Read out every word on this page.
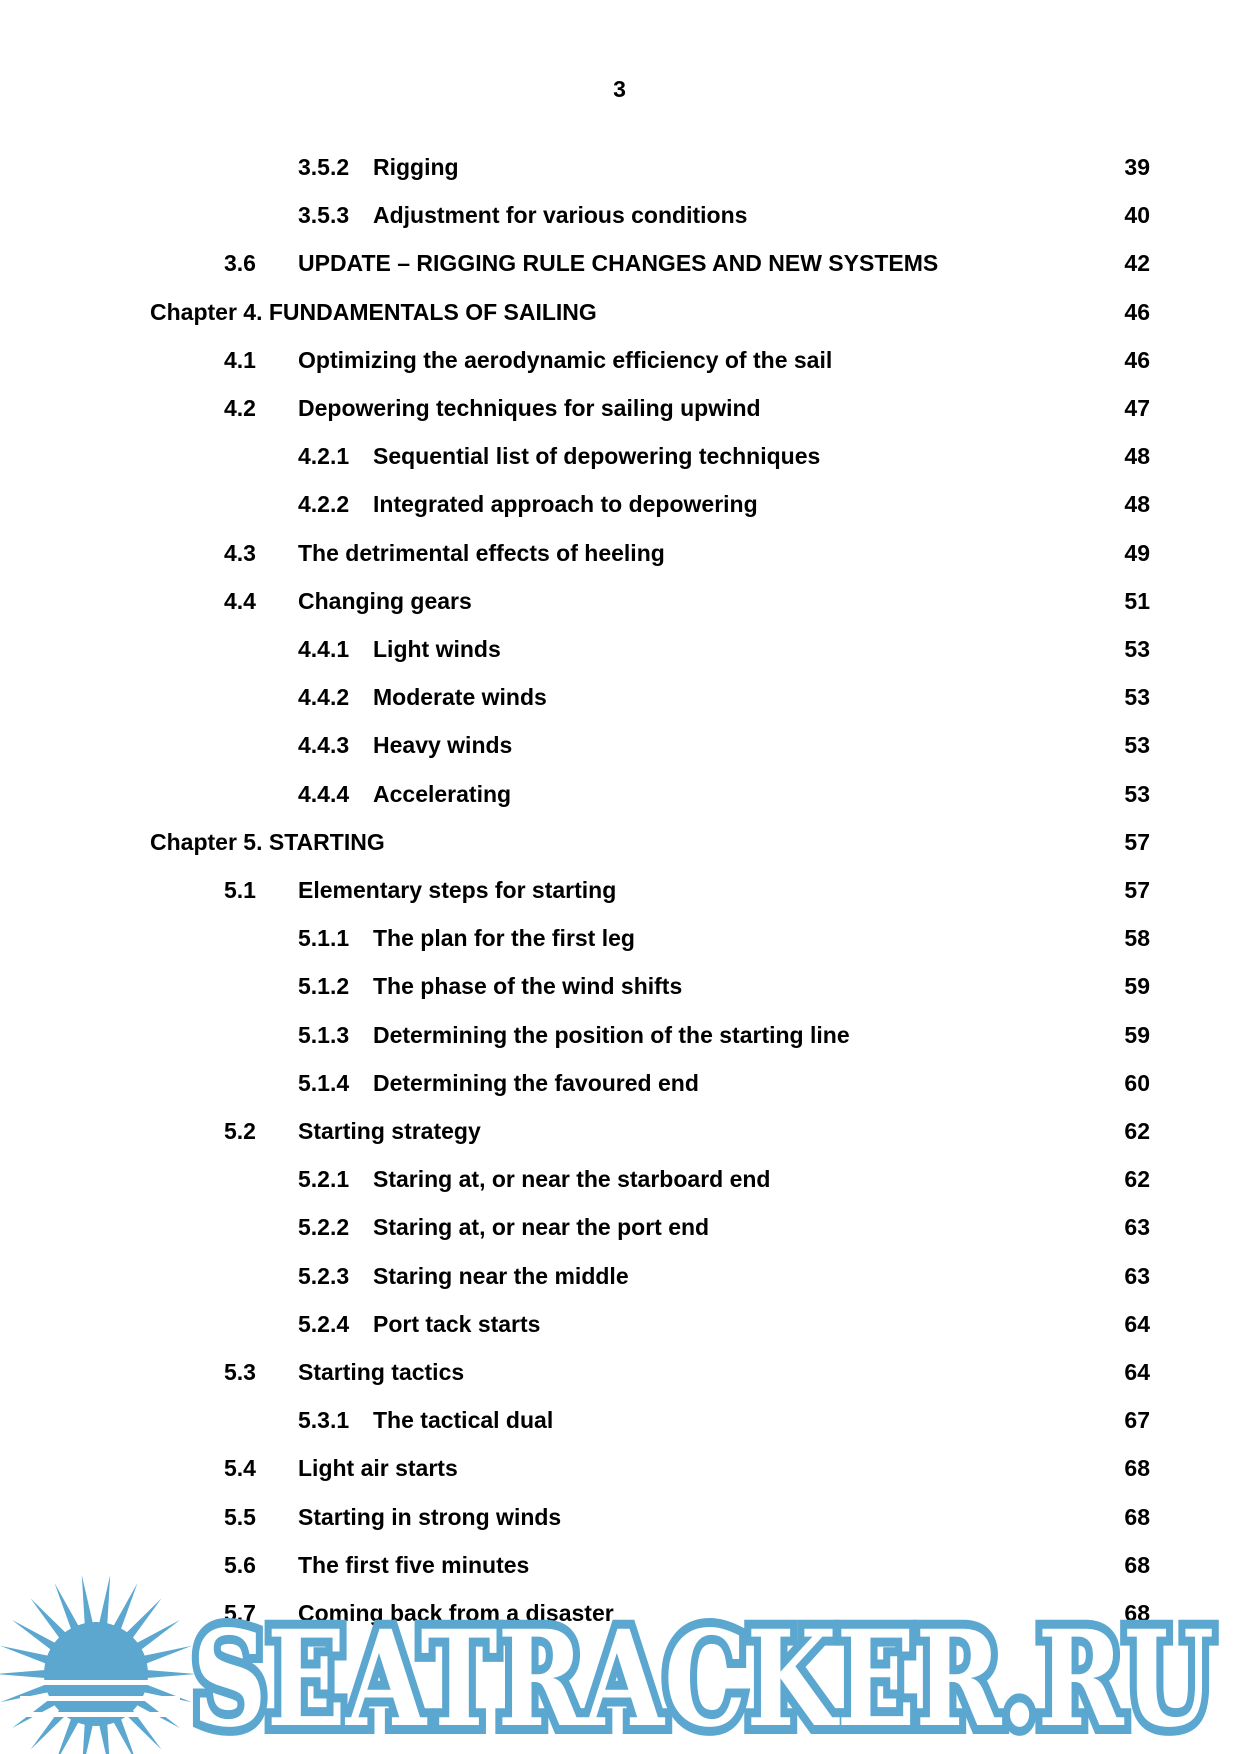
3
3.5.2 Rigging	39
3.5.3 Adjustment for various conditions	40
3.6 UPDATE – RIGGING RULE CHANGES AND NEW SYSTEMS	42
Chapter 4. FUNDAMENTALS OF SAILING	46
4.1 Optimizing the aerodynamic efficiency of the sail	46
4.2 Depowering techniques for sailing upwind	47
4.2.1 Sequential list of depowering techniques	48
4.2.2 Integrated approach to depowering	48
4.3 The detrimental effects of heeling	49
4.4 Changing gears	51
4.4.1 Light winds	53
4.4.2 Moderate winds	53
4.4.3 Heavy winds	53
4.4.4 Accelerating	53
Chapter 5. STARTING	57
5.1 Elementary steps for starting	57
5.1.1 The plan for the first leg	58
5.1.2 The phase of the wind shifts	59
5.1.3 Determining the position of the starting line	59
5.1.4 Determining the favoured end	60
5.2 Starting strategy	62
5.2.1 Staring at, or near the starboard end	62
5.2.2 Staring at, or near the port end	63
5.2.3 Staring near the middle	63
5.2.4 Port tack starts	64
5.3 Starting tactics	64
5.3.1 The tactical dual	67
5.4 Light air starts	68
5.5 Starting in strong winds	68
5.6 The first five minutes	68
5.7 Coming back from a disaster	68
SEATRACKER.RU
